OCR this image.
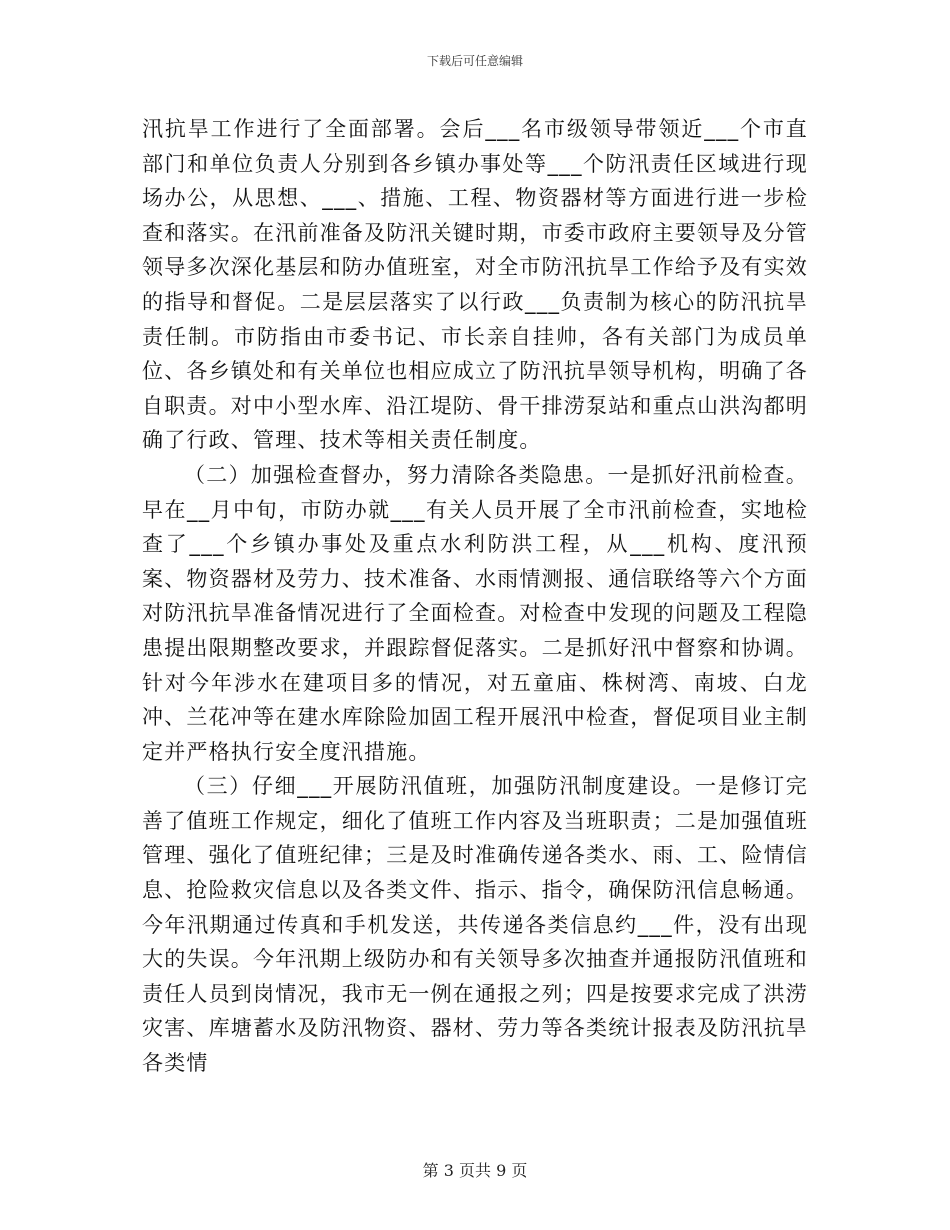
下载后可任意编辑

汛抗旱工作进行了全面部署。会后___名市级领导带领近___个市直部门和单位负责人分别到各乡镇办事处等___个防汛责任区域进行现场办公，从思想、___、措施、工程、物资器材等方面进行进一步检查和落实。在汛前准备及防汛关键时期，市委市政府主要领导及分管领导多次深化基层和防办值班室，对全市防汛抗旱工作给予及有实效的指导和督促。二是层层落实了以行政___负责制为核心的防汛抗旱责任制。市防指由市委书记、市长亲自挂帅，各有关部门为成员单位、各乡镇处和有关单位也相应成立了防汛抗旱领导机构，明确了各自职责。对中小型水库、沿江堤防、骨干排涝泵站和重点山洪沟都明确了行政、管理、技术等相关责任制度。

（二）加强检查督办，努力清除各类隐患。一是抓好汛前检查。早在__月中旬，市防办就___有关人员开展了全市汛前检查，实地检查了___个乡镇办事处及重点水利防洪工程，从___机构、度汛预案、物资器材及劳力、技术准备、水雨情测报、通信联络等六个方面对防汛抗旱准备情况进行了全面检查。对检查中发现的问题及工程隐患提出限期整改要求，并跟踪督促落实。二是抓好汛中督察和协调。针对今年涉水在建项目多的情况，对五童庙、株树湾、南坡、白龙冲、兰花冲等在建水库除险加固工程开展汛中检查，督促项目业主制定并严格执行安全度汛措施。

（三）仔细___开展防汛值班，加强防汛制度建设。一是修订完善了值班工作规定，细化了值班工作内容及当班职责；二是加强值班管理、强化了值班纪律；三是及时准确传递各类水、雨、工、险情信息、抢险救灾信息以及各类文件、指示、指令，确保防汛信息畅通。今年汛期通过传真和手机发送，共传递各类信息约___件，没有出现大的失误。今年汛期上级防办和有关领导多次抽查并通报防汛值班和责任人员到岗情况，我市无一例在通报之列；四是按要求完成了洪涝灾害、库塘蓄水及防汛物资、器材、劳力等各类统计报表及防汛抗旱各类情

第 3 页共 9 页
